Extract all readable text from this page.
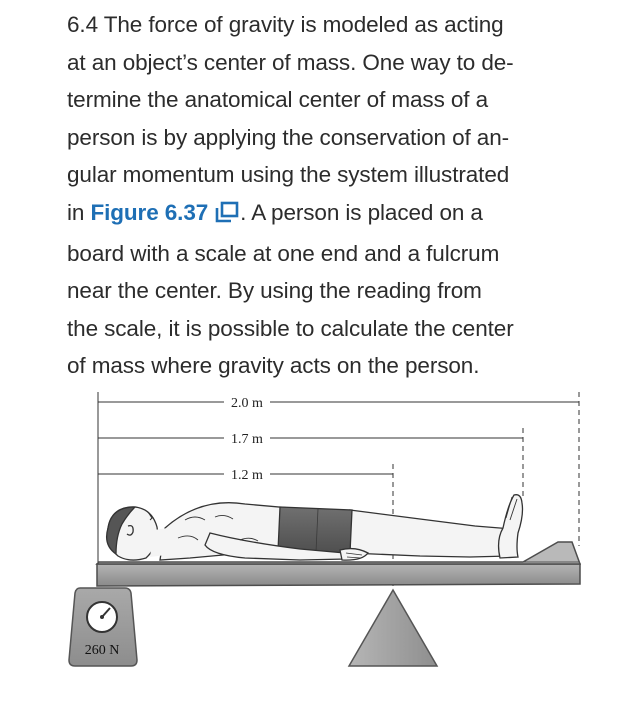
6.4 The force of gravity is modeled as acting
at an object’s center of mass. One way to de-
termine the anatomical center of mass of a
person is by applying the conservation of an-
gular momentum using the system illustrated
in Figure 6.37 . A person is placed on a
board with a scale at one end and a fulcrum
near the center. By using the reading from
the scale, it is possible to calculate the center
of mass where gravity acts on the person.
2.0 m
1.7 m
1.2 m
260 N
